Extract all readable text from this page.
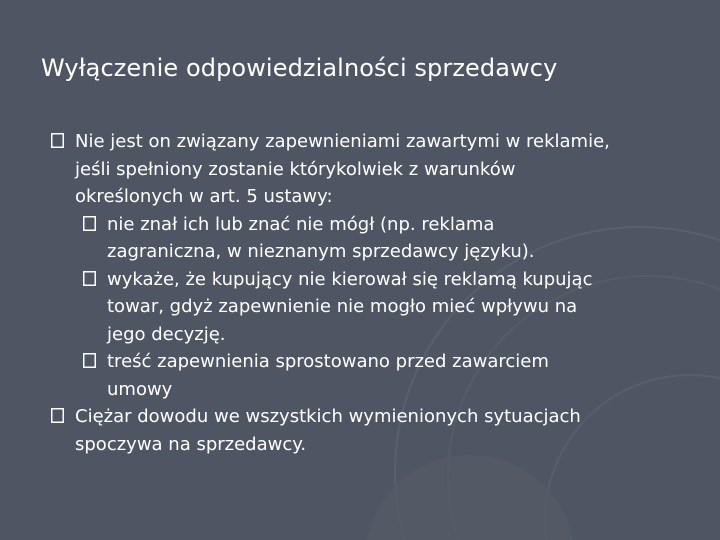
Wyłączenie odpowiedzialności sprzedawcy
Nie jest on związany zapewnieniami zawartymi w reklamie, jeśli spełniony zostanie którykolwiek z warunków określonych w art. 5 ustawy:
nie znał ich lub znać nie mógł (np. reklama zagraniczna, w nieznanym sprzedawcy języku).
wykaże, że kupujący nie kierował się reklamą kupując towar, gdyż zapewnienie nie mogło mieć wpływu na jego decyzję.
treść zapewnienia sprostowano przed zawarciem umowy
Ciężar dowodu we wszystkich wymienionych sytuacjach spoczywa na sprzedawcy.
